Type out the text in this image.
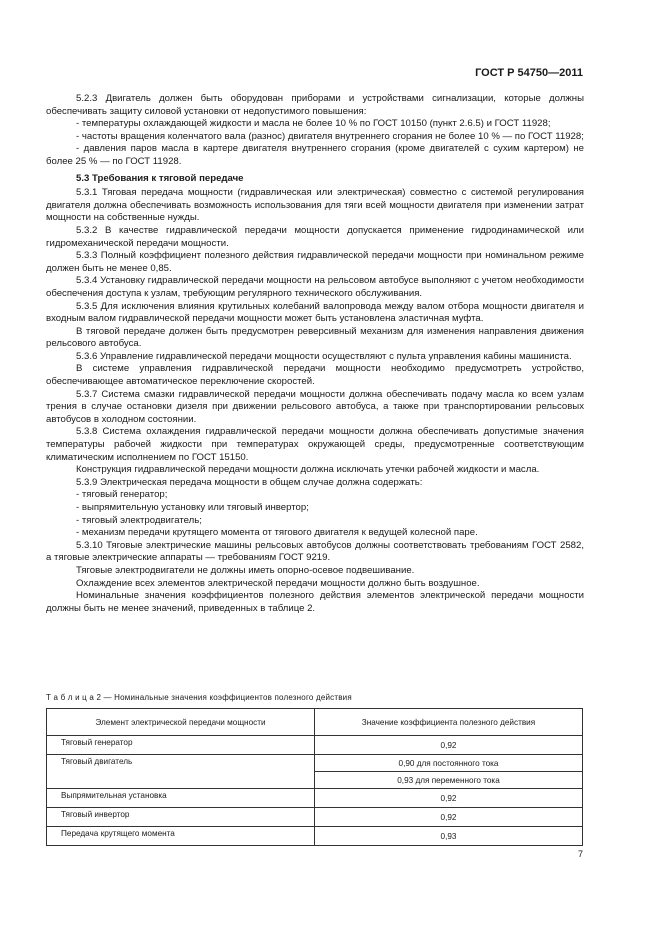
ГОСТ Р 54750—2011

5.2.3 Двигатель должен быть оборудован приборами и устройствами сигнализации, которые должны обеспечивать защиту силовой установки от недопустимого повышения:

- температуры охлаждающей жидкости и масла не более 10 % по ГОСТ 10150 (пункт 2.6.5) и ГОСТ 11928;

- частоты вращения коленчатого вала (разнос) двигателя внутреннего сгорания не более 10 % — по ГОСТ 11928;

- давления паров масла в картере двигателя внутреннего сгорания (кроме двигателей с сухим картером) не более 25 % — по ГОСТ 11928.

5.3 Требования к тяговой передаче

5.3.1 Тяговая передача мощности (гидравлическая или электрическая) совместно с системой регулирования двигателя должна обеспечивать возможность использования для тяги всей мощности двигателя при изменении затрат мощности на собственные нужды.

5.3.2 В качестве гидравлической передачи мощности допускается применение гидродинамической или гидромеханической передачи мощности.

5.3.3 Полный коэффициент полезного действия гидравлической передачи мощности при номинальном режиме должен быть не менее 0,85.

5.3.4 Установку гидравлической передачи мощности на рельсовом автобусе выполняют с учетом необходимости обеспечения доступа к узлам, требующим регулярного технического обслуживания.

5.3.5 Для исключения влияния крутильных колебаний валопровода между валом отбора мощности двигателя и входным валом гидравлической передачи мощности может быть установлена эластичная муфта.

В тяговой передаче должен быть предусмотрен реверсивный механизм для изменения направления движения рельсового автобуса.

5.3.6 Управление гидравлической передачи мощности осуществляют с пульта управления кабины машиниста.

В системе управления гидравлической передачи мощности необходимо предусмотреть устройство, обеспечивающее автоматическое переключение скоростей.

5.3.7 Система смазки гидравлической передачи мощности должна обеспечивать подачу масла ко всем узлам трения в случае остановки дизеля при движении рельсового автобуса, а также при транспортировании рельсовых автобусов в холодном состоянии.

5.3.8 Система охлаждения гидравлической передачи мощности должна обеспечивать допустимые значения температуры рабочей жидкости при температурах окружающей среды, предусмотренные соответствующим климатическим исполнением по ГОСТ 15150.

Конструкция гидравлической передачи мощности должна исключать утечки рабочей жидкости и масла.

5.3.9 Электрическая передача мощности в общем случае должна содержать:

- тяговый генератор;

- выпрямительную установку или тяговый инвертор;

- тяговый электродвигатель;

- механизм передачи крутящего момента от тягового двигателя к ведущей колесной паре.

5.3.10 Тяговые электрические машины рельсовых автобусов должны соответствовать требованиям ГОСТ 2582, а тяговые электрические аппараты — требованиям ГОСТ 9219.

Тяговые электродвигатели не должны иметь опорно-осевое подвешивание.

Охлаждение всех элементов электрической передачи мощности должно быть воздушное.

Номинальные значения коэффициентов полезного действия элементов электрической передачи мощности должны быть не менее значений, приведенных в таблице 2.

Т а б л и ц а 2 — Номинальные значения коэффициентов полезного действия
Элемент электрической передачи мощности	Значение коэффициента полезного действия
Тяговый генератор	0,92
Тяговый двигатель	0,90 для постоянного тока
	0,93 для переменного тока
Выпрямительная установка	0,92
Тяговый инвертор	0,92
Передача крутящего момента	0,93
7
